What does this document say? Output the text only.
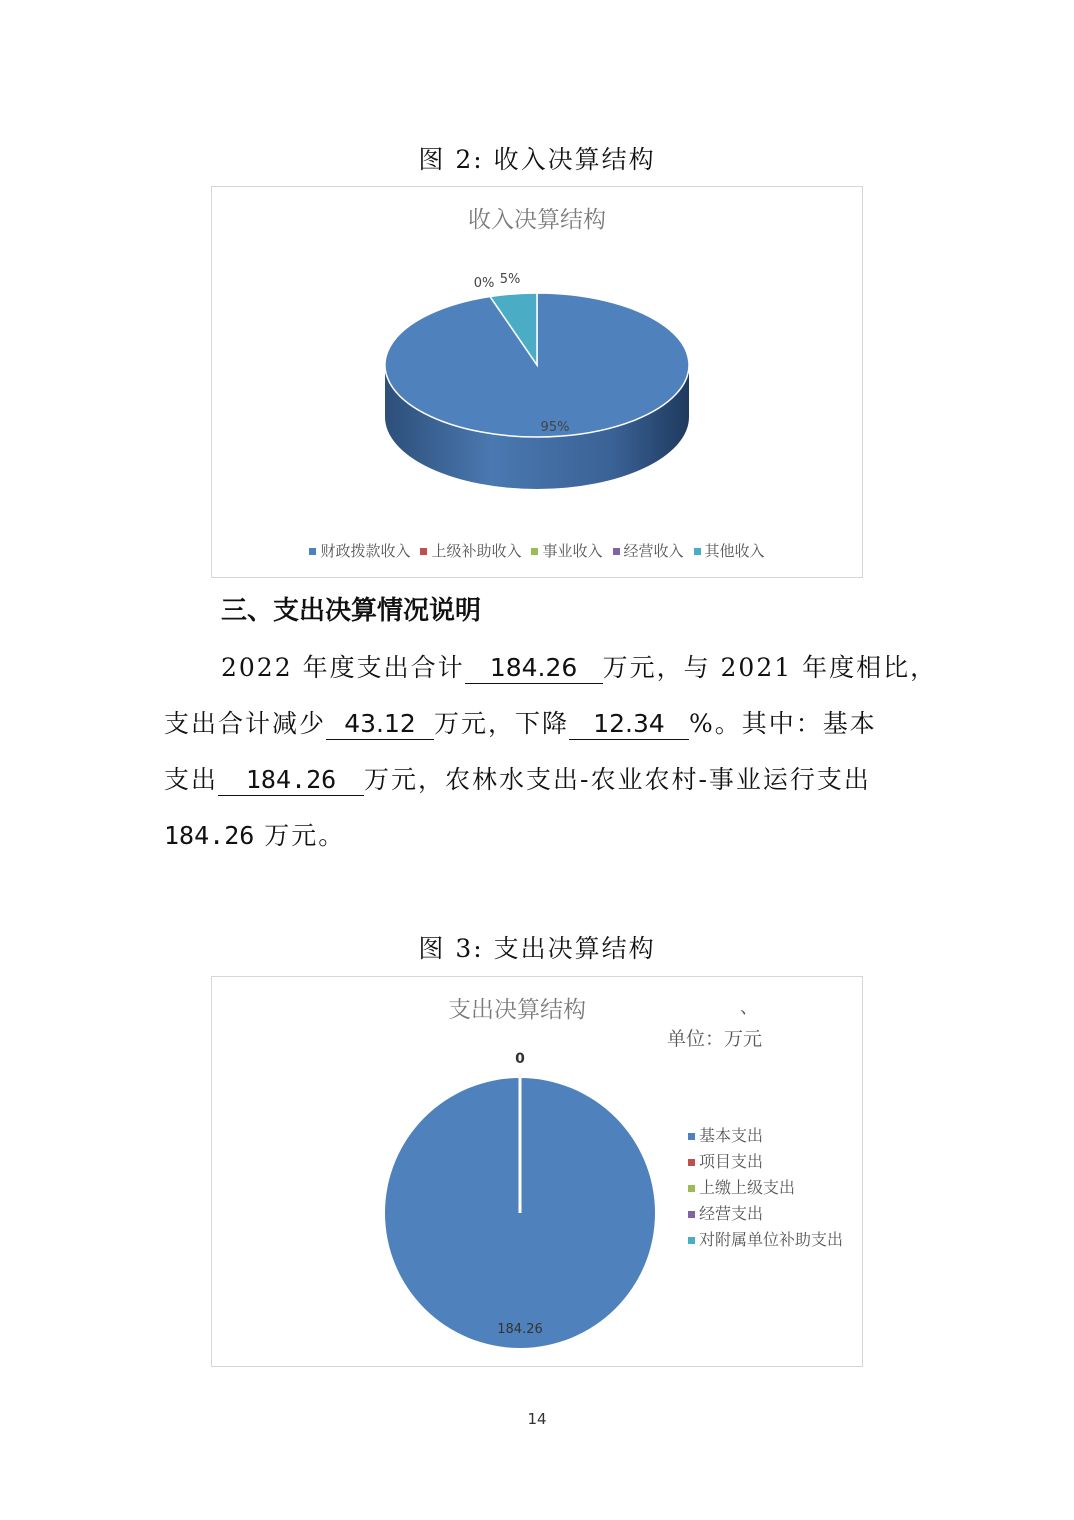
图 2: 收入决算结构
95%
0% 5%
收入决算结构
财政拨款收入 上级补助收入 事业收入 经营收入 其他收入
三、支出决算情况说明
2022 年度支出合计 184.26 万元，与 2021 年度相比，
支出合计减少 43.12 万元，下降 12.34 %。其中：基本
支出 184.26 万元，农林水支出-农业农村-事业运行支出
184.26 万元。
图 3: 支出决算结构
184.26
0
支出决算结构	、
单位：万元
基本支出
项目支出
上缴上级支出
经营支出
对附属单位补助支出
14
